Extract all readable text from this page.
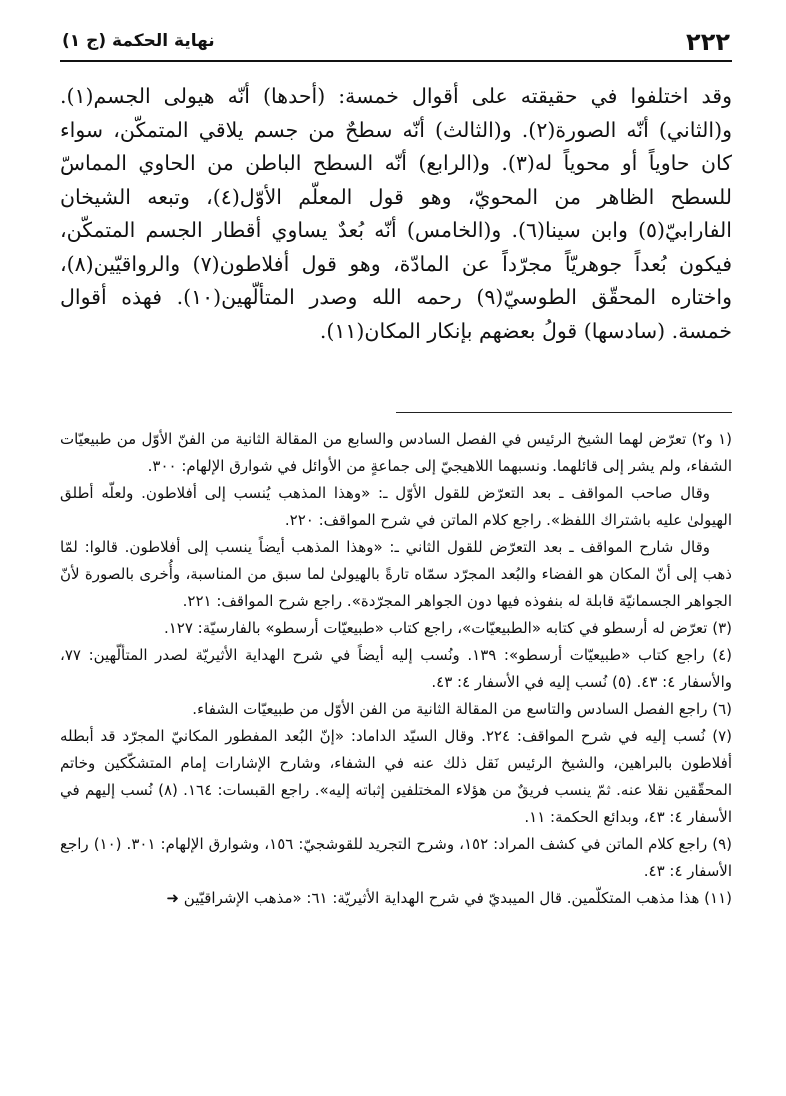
٢٢٢
نهاية الحكمة (ج ١)

وقد اختلفوا في حقيقته على أقوال خمسة: (أحدها) أنّه هيولى الجسم(١). و(الثاني) أنّه الصورة(٢). و(الثالث) أنّه سطحٌ من جسم يلاقي المتمكّن، سواء كان حاوياً أو محوياً له(٣). و(الرابع) أنّه السطح الباطن من الحاوي المماسّ للسطح الظاهر من المحويّ، وهو قول المعلّم الأوّل(٤)، وتبعه الشيخان الفارابيّ(٥) وابن سينا(٦). و(الخامس) أنّه بُعدٌ يساوي أقطار الجسم المتمكّن، فيكون بُعداً جوهريّاً مجرّداً عن المادّة، وهو قول أفلاطون(٧) والرواقيّين(٨)، واختاره المحقّق الطوسيّ(٩) رحمه الله وصدر المتألّهين(١٠). فهذه أقوال خمسة. (سادسها) قولُ بعضهم بإنكار المكان(١١).

(١ و٢) تعرّض لهما الشيخ الرئيس في الفصل السادس والسابع من المقالة الثانية من الفنّ الأوّل من طبيعيّات الشفاء، ولم يشر إلى قائلهما. ونسبهما اللاهيجيّ إلى جماعةٍ من الأوائل في شوارق الإلهام: ٣٠٠.

وقال صاحب المواقف ـ بعد التعرّض للقول الأوّل ـ: «وهذا المذهب يُنسب إلى أفلاطون. ولعلّه أطلق الهيولىٰ عليه باشتراك اللفظ». راجع كلام الماتن في شرح المواقف: ٢٢٠.

وقال شارح المواقف ـ بعد التعرّض للقول الثاني ـ: «وهذا المذهب أيضاً ينسب إلى أفلاطون. قالوا: لمّا ذهب إلى أنّ المكان هو الفضاء والبُعد المجرّد سمّاه تارةً بالهيولىٰ لما سبق من المناسبة، وأُخرى بالصورة لأنّ الجواهر الجسمانيّة قابلة له بنفوذه فيها دون الجواهر المجرّدة». راجع شرح المواقف: ٢٢١.

(٣) تعرّض له أرسطو في كتابه «الطبيعيّات»، راجع كتاب «طبيعيّات أرسطو» بالفارسيّة: ١٢٧.

(٤) راجع كتاب «طبيعيّات أرسطو»: ١٣٩. ونُسب إليه أيضاً في شرح الهداية الأثيريّة لصدر المتألّهين: ٧٧، والأسفار ٤: ٤٣. (٥) نُسب إليه في الأسفار ٤: ٤٣.

(٦) راجع الفصل السادس والتاسع من المقالة الثانية من الفن الأوّل من طبيعيّات الشفاء.

(٧) نُسب إليه في شرح المواقف: ٢٢٤. وقال السيّد الداماد: «إنّ البُعد المفطور المكانيّ المجرّد قد أبطله أفلاطون بالبراهين، والشيخ الرئيس نَقل ذلك عنه في الشفاء، وشارح الإشارات إمام المتشكّكين وخاتم المحقّقين نقلا عنه. ثمّ ينسب فريقٌ من هؤلاء المختلفين إثباته إليه». راجع القبسات: ١٦٤. (٨) نُسب إليهم في الأسفار ٤: ٤٣، وبدائع الحكمة: ١١.

(٩) راجع كلام الماتن في كشف المراد: ١٥٢، وشرح التجريد للقوشجيّ: ١٥٦، وشوارق الإلهام: ٣٠١. (١٠) راجع الأسفار ٤: ٤٣.

(١١) هذا مذهب المتكلّمين. قال الميبديّ في شرح الهداية الأثيريّة: ٦١: «مذهب الإشراقيّين ➜
